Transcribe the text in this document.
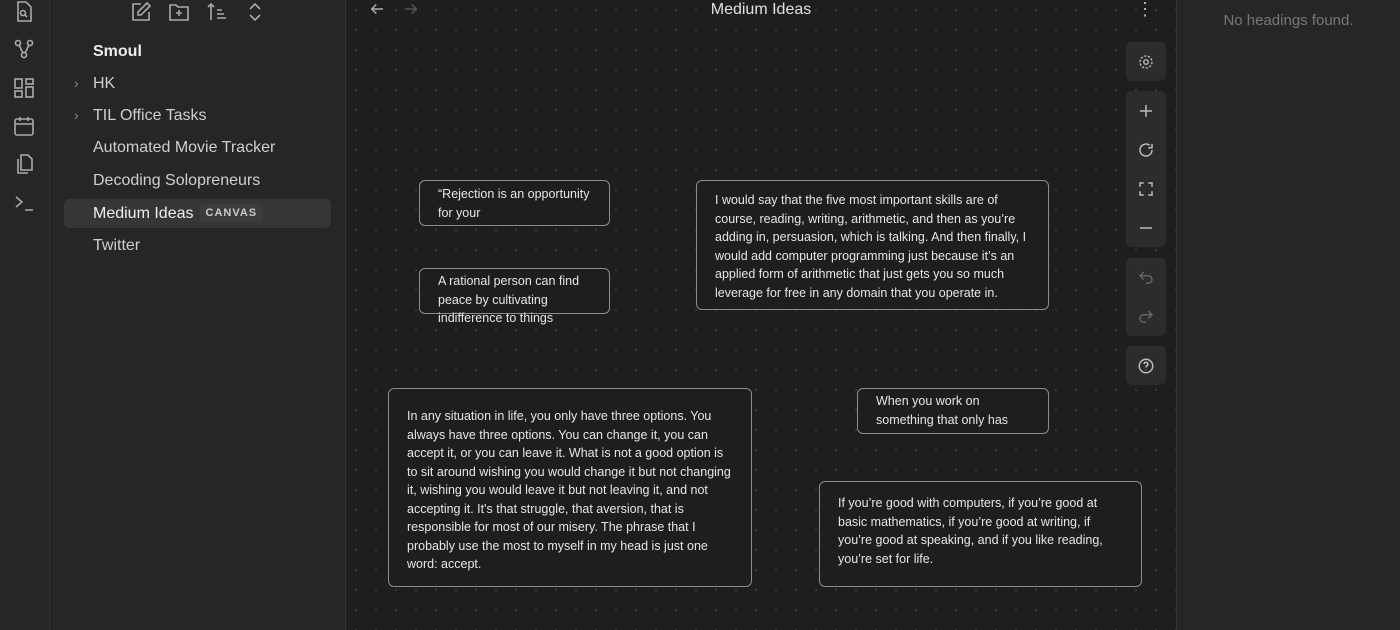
Smoul
› HK
› TIL Office Tasks
Automated Movie Tracker
Decoding Solopreneurs
Medium Ideas CANVAS
Twitter
Medium Ideas	⋮
“Rejection is an opportunity for your
A rational person can find peace by cultivating indifference to things
I would say that the five most important skills are of course, reading, writing, arithmetic, and then as you’re adding in, persuasion, which is talking. And then finally, I would add computer programming just because it’s an applied form of arithmetic that just gets you so much leverage for free in any domain that you operate in.
In any situation in life, you only have three options. You always have three options. You can change it, you can accept it, or you can leave it. What is not a good option is to sit around wishing you would change it but not changing it, wishing you would leave it but not leaving it, and not accepting it. It's that struggle, that aversion, that is responsible for most of our misery. The phrase that I probably use the most to myself in my head is just one word: accept.
When you work on something that only has
If you’re good with computers, if you’re good at basic mathematics, if you’re good at writing, if you’re good at speaking, and if you like reading, you’re set for life.
No headings found.
